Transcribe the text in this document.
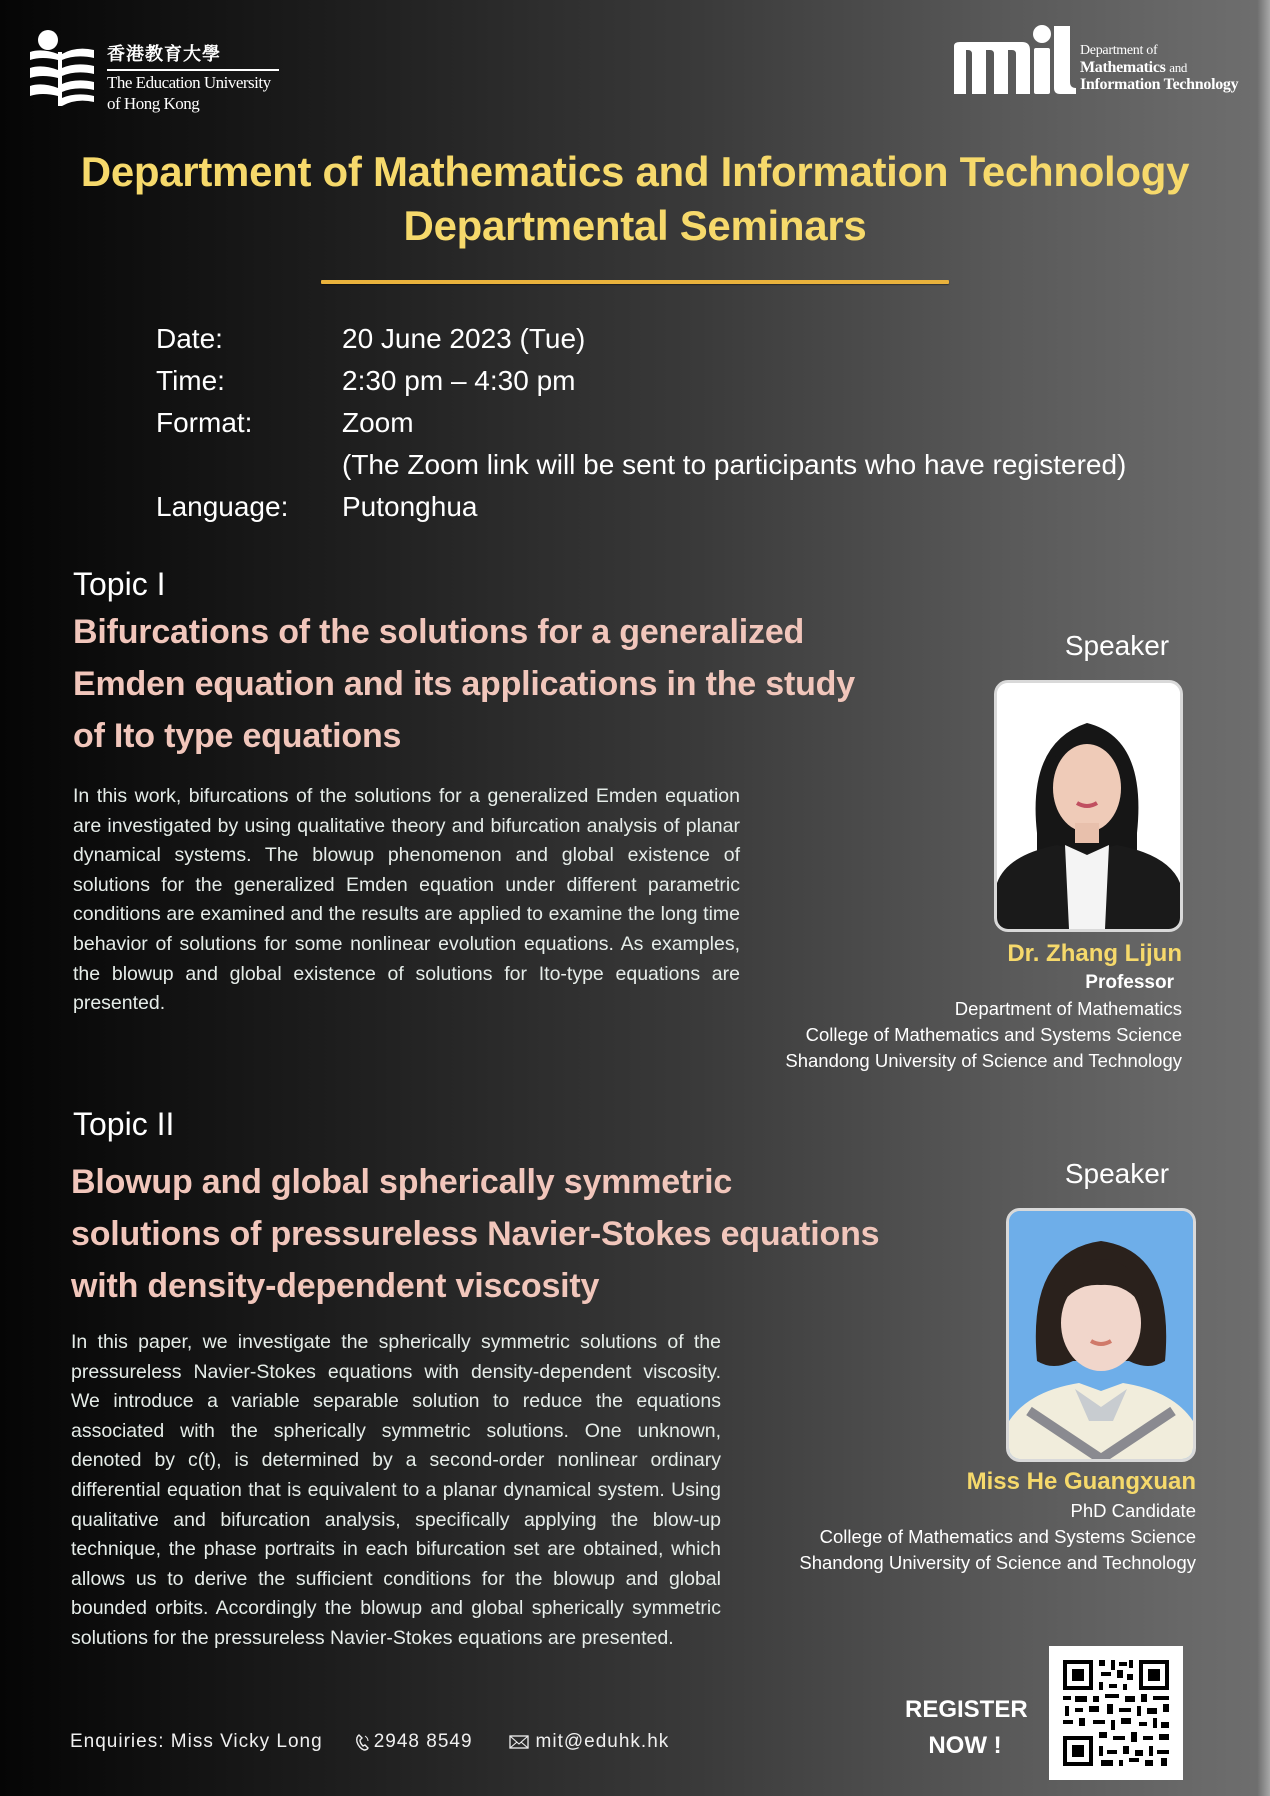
香港教育大學
The Education University
of Hong Kong
Department of
Mathematics and
Information Technology
Department of Mathematics and Information Technology
Departmental Seminars
Date:	20 June 2023 (Tue)
Time:	2:30 pm – 4:30 pm
Format:	Zoom
(The Zoom link will be sent to participants who have registered)
Language:	Putonghua
Topic I
Bifurcations of the solutions for a generalized
Emden equation and its applications in the study
of Ito type equations
In this work, bifurcations of the solutions for a generalized Emden equation are investigated by using qualitative theory and bifurcation analysis of planar dynamical systems. The blowup phenomenon and global existence of solutions for the generalized Emden equation under different parametric conditions are examined and the results are applied to examine the long time behavior of solutions for some nonlinear evolution equations. As examples, the blowup and global existence of solutions for Ito-type equations are presented.
Speaker
Dr. Zhang Lijun
Professor
Department of Mathematics
College of Mathematics and Systems Science
Shandong University of Science and Technology
Topic II
Blowup and global spherically symmetric
solutions of pressureless Navier-Stokes equations
with density-dependent viscosity
In this paper, we investigate the spherically symmetric solutions of the pressureless Navier-Stokes equations with density-dependent viscosity. We introduce a variable separable solution to reduce the equations associated with the spherically symmetric solutions. One unknown, denoted by c(t), is determined by a second-order nonlinear ordinary differential equation that is equivalent to a planar dynamical system. Using qualitative and bifurcation analysis, specifically applying the blow-up technique, the phase portraits in each bifurcation set are obtained, which allows us to derive the sufficient conditions for the blowup and global bounded orbits. Accordingly the blowup and global spherically symmetric solutions for the pressureless Navier-Stokes equations are presented.
Speaker
Miss He Guangxuan
PhD Candidate
College of Mathematics and Systems Science
Shandong University of Science and Technology
Enquiries: Miss Vicky Long	2948 8549	mit@eduhk.hk
REGISTER
NOW !
